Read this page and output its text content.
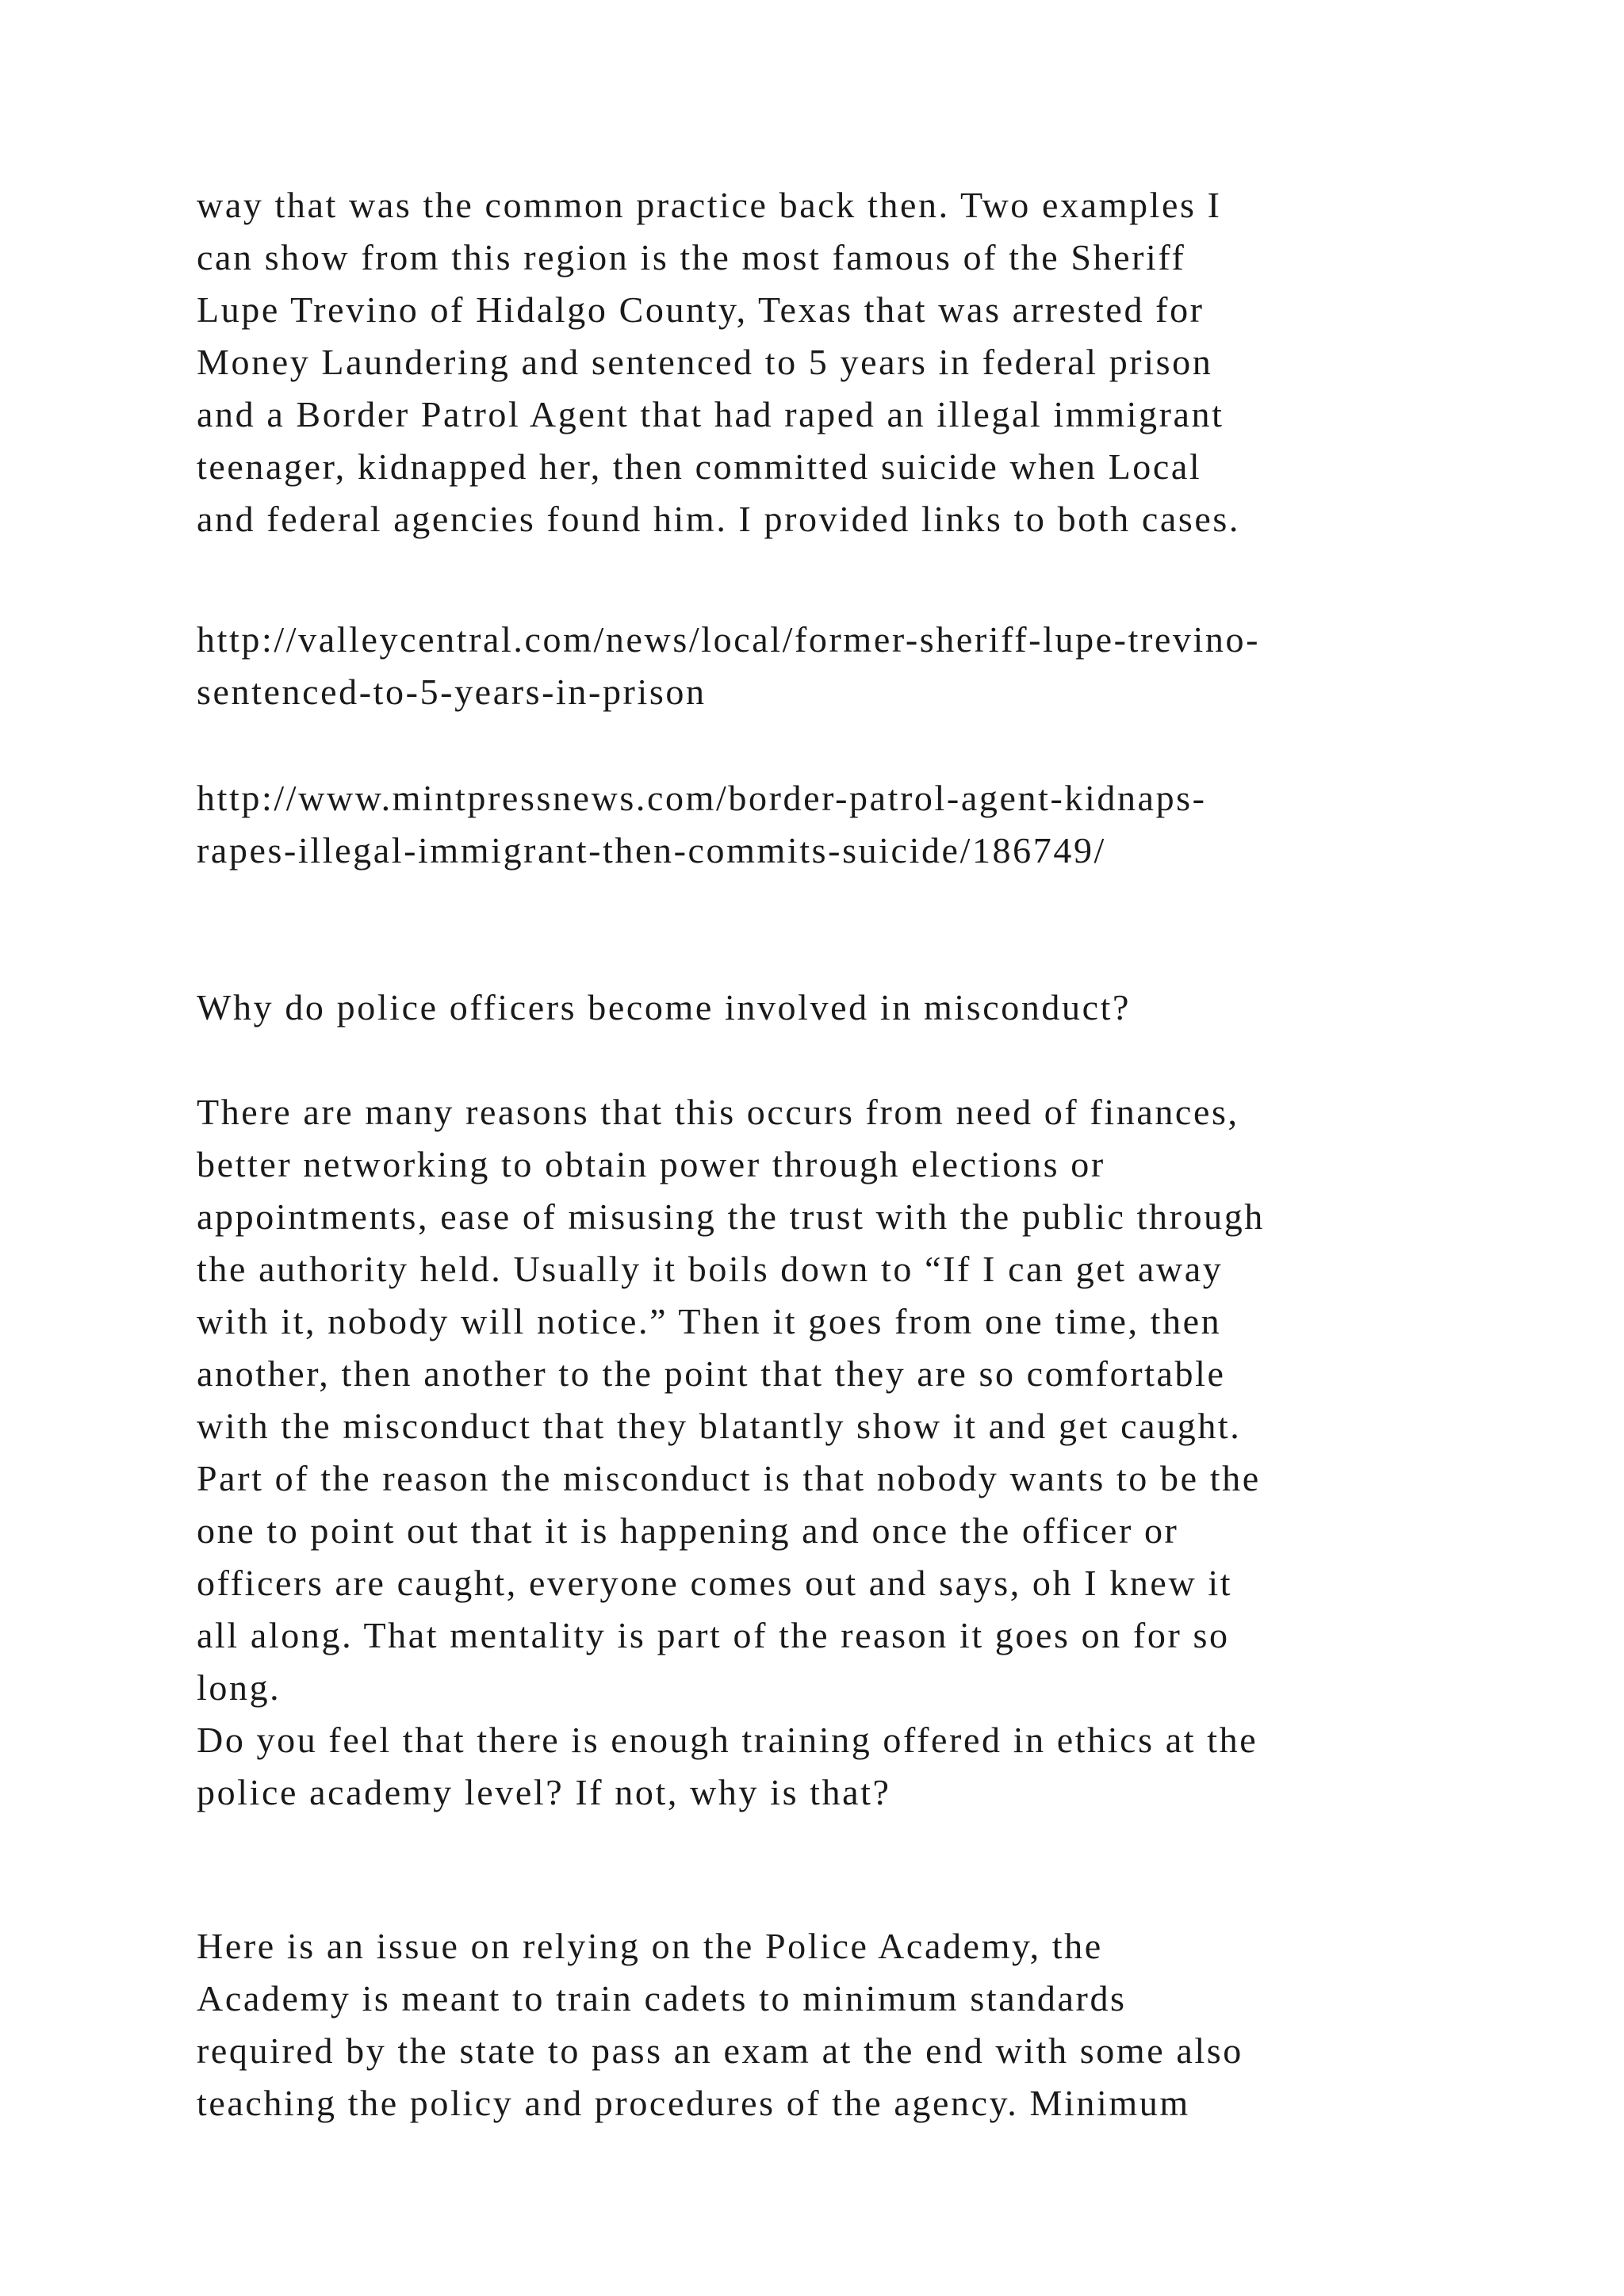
way that was the common practice back then. Two examples I
can show from this region is the most famous of the Sheriff
Lupe Trevino of Hidalgo County, Texas that was arrested for
Money Laundering and sentenced to 5 years in federal prison
and a Border Patrol Agent that had raped an illegal immigrant
teenager, kidnapped her, then committed suicide when Local
and federal agencies found him. I provided links to both cases.
http://valleycentral.com/news/local/former-sheriff-lupe-trevino-
sentenced-to-5-years-in-prison
http://www.mintpressnews.com/border-patrol-agent-kidnaps-
rapes-illegal-immigrant-then-commits-suicide/186749/
Why do police officers become involved in misconduct?
There are many reasons that this occurs from need of finances,
better networking to obtain power through elections or
appointments, ease of misusing the trust with the public through
the authority held. Usually it boils down to “If I can get away
with it, nobody will notice.” Then it goes from one time, then
another, then another to the point that they are so comfortable
with the misconduct that they blatantly show it and get caught.
Part of the reason the misconduct is that nobody wants to be the
one to point out that it is happening and once the officer or
officers are caught, everyone comes out and says, oh I knew it
all along. That mentality is part of the reason it goes on for so
long.
Do you feel that there is enough training offered in ethics at the
police academy level? If not, why is that?
Here is an issue on relying on the Police Academy, the
Academy is meant to train cadets to minimum standards
required by the state to pass an exam at the end with some also
teaching the policy and procedures of the agency. Minimum
